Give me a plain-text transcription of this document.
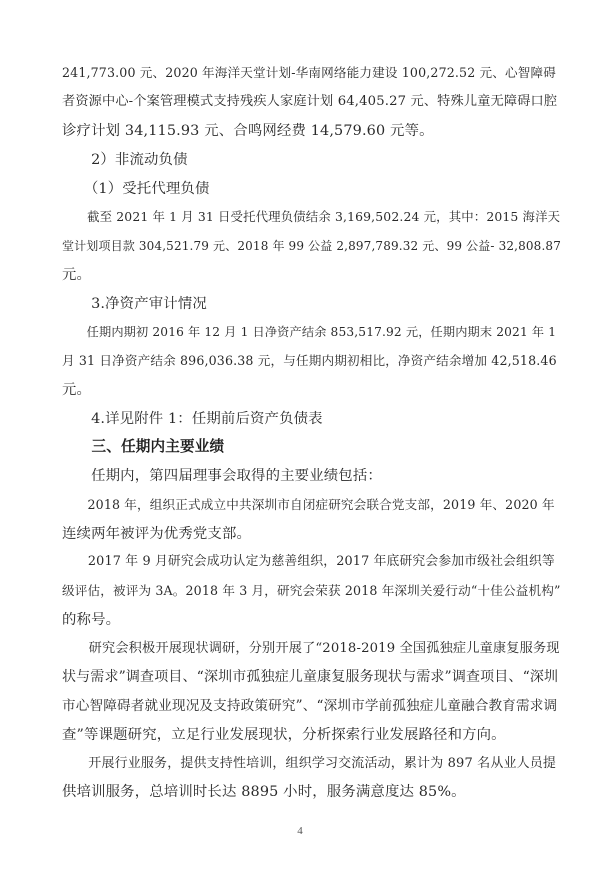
241,773.00 元、2020 年海洋天堂计划-华南网络能力建设 100,272.52 元、心智障碍
者资源中心-个案管理模式支持残疾人家庭计划 64,405.27 元、特殊儿童无障碍口腔
诊疗计划 34,115.93 元、合鸣网经费 14,579.60 元等。
　　2）非流动负债
　　（1）受托代理负债
　　截至 2021 年 1 月 31 日受托代理负债结余 3,169,502.24 元，其中：2015 海洋天
堂计划项目款 304,521.79 元、2018 年 99 公益 2,897,789.32 元、99 公益- 32,808.87
元。
　　3.净资产审计情况
　　任期内期初 2016 年 12 月 1 日净资产结余 853,517.92 元，任期内期末 2021 年 1
月 31 日净资产结余 896,036.38 元，与任期内期初相比，净资产结余增加 42,518.46
元。
　　4.详见附件 1：任期前后资产负债表
　　三、任期内主要业绩
　　任期内，第四届理事会取得的主要业绩包括：
　　2018 年，组织正式成立中共深圳市自闭症研究会联合党支部，2019 年、2020 年
连续两年被评为优秀党支部。
　　2017 年 9 月研究会成功认定为慈善组织，2017 年底研究会参加市级社会组织等
级评估，被评为 3A。2018 年 3 月，研究会荣获 2018 年深圳关爱行动“十佳公益机构”
的称号。
　　研究会积极开展现状调研，分别开展了“2018-2019 全国孤独症儿童康复服务现
状与需求”调查项目、“深圳市孤独症儿童康复服务现状与需求”调查项目、“深圳
市心智障碍者就业现况及支持政策研究”、“深圳市学前孤独症儿童融合教育需求调
查”等课题研究，立足行业发展现状，分析探索行业发展路径和方向。
　　开展行业服务，提供支持性培训，组织学习交流活动，累计为 897 名从业人员提
供培训服务，总培训时长达 8895 小时，服务满意度达 85%。
4
